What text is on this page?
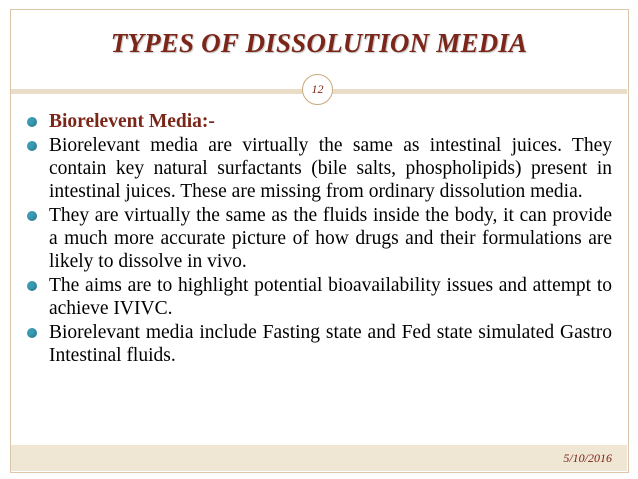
TYPES OF DISSOLUTION MEDIA
12
Biorelevent Media:-
Biorelevant media are virtually the same as intestinal juices. They contain key natural surfactants (bile salts, phospholipids) present in intestinal juices. These are missing from ordinary dissolution media.
They are virtually the same as the fluids inside the body, it can provide a much more accurate picture of how drugs and their formulations are likely to dissolve in vivo.
The aims are to highlight potential bioavailability issues and attempt to achieve IVIVC.
Biorelevant media include Fasting state and Fed state simulated Gastro Intestinal fluids.
5/10/2016
